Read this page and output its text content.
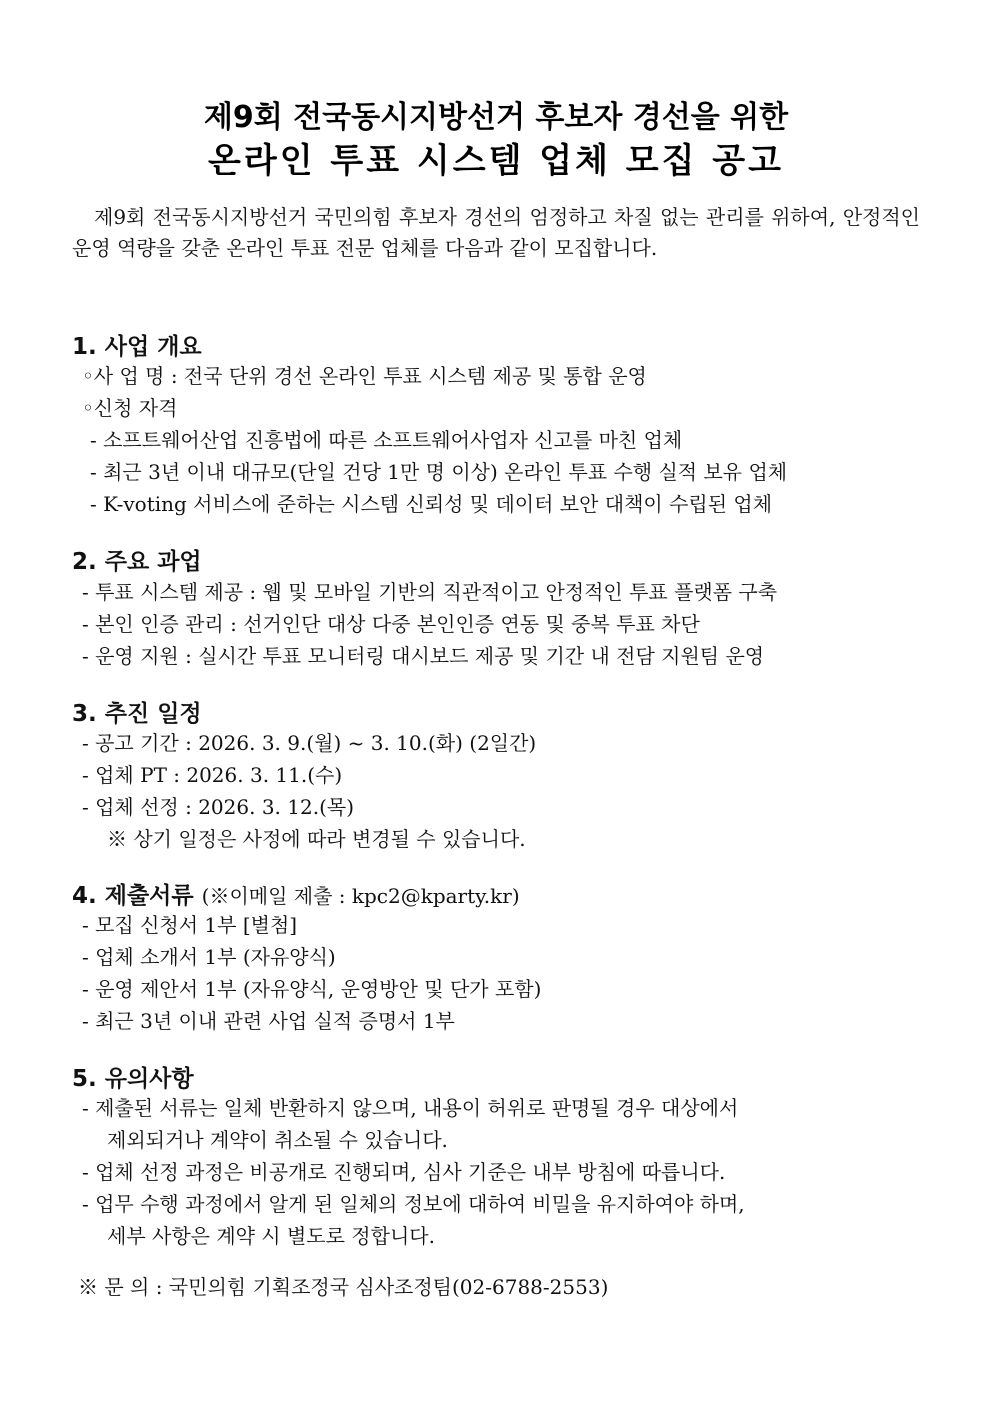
제9회 전국동시지방선거 후보자 경선을 위한
온라인 투표 시스템 업체 모집 공고
제9회 전국동시지방선거 국민의힘 후보자 경선의 엄정하고 차질 없는 관리를 위하여, 안정적인 운영 역량을 갖춘 온라인 투표 전문 업체를 다음과 같이 모집합니다.
1. 사업 개요
◦사 업 명 : 전국 단위 경선 온라인 투표 시스템 제공 및 통합 운영
◦신청 자격
- 소프트웨어산업 진흥법에 따른 소프트웨어사업자 신고를 마친 업체
- 최근 3년 이내 대규모(단일 건당 1만 명 이상) 온라인 투표 수행 실적 보유 업체
- K-voting 서비스에 준하는 시스템 신뢰성 및 데이터 보안 대책이 수립된 업체
2. 주요 과업
- 투표 시스템 제공 : 웹 및 모바일 기반의 직관적이고 안정적인 투표 플랫폼 구축
- 본인 인증 관리 : 선거인단 대상 다중 본인인증 연동 및 중복 투표 차단
- 운영 지원 : 실시간 투표 모니터링 대시보드 제공 및 기간 내 전담 지원팀 운영
3. 추진 일정
- 공고 기간 : 2026. 3. 9.(월) ~ 3. 10.(화) (2일간)
- 업체 PT : 2026. 3. 11.(수)
- 업체 선정 : 2026. 3. 12.(목)
※ 상기 일정은 사정에 따라 변경될 수 있습니다.
4. 제출서류 (※이메일 제출 : kpc2@kparty.kr)
- 모집 신청서 1부 [별첨]
- 업체 소개서 1부 (자유양식)
- 운영 제안서 1부 (자유양식, 운영방안 및 단가 포함)
- 최근 3년 이내 관련 사업 실적 증명서 1부
5. 유의사항
- 제출된 서류는 일체 반환하지 않으며, 내용이 허위로 판명될 경우 대상에서
제외되거나 계약이 취소될 수 있습니다.
- 업체 선정 과정은 비공개로 진행되며, 심사 기준은 내부 방침에 따릅니다.
- 업무 수행 과정에서 알게 된 일체의 정보에 대하여 비밀을 유지하여야 하며,
세부 사항은 계약 시 별도로 정합니다.
※ 문 의 : 국민의힘 기획조정국 심사조정팀(02-6788-2553)
